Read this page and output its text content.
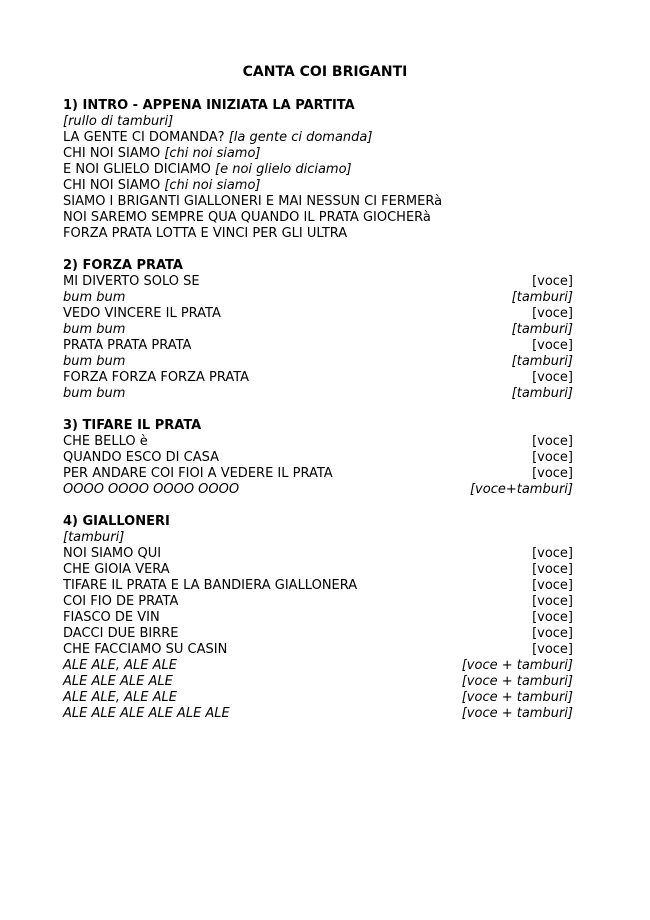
CANTA COI BRIGANTI
1) INTRO - APPENA INIZIATA LA PARTITA
[rullo di tamburi]
LA GENTE CI DOMANDA? [la gente ci domanda]
CHI NOI SIAMO [chi noi siamo]
E NOI GLIELO DICIAMO [e noi glielo diciamo]
CHI NOI SIAMO [chi noi siamo]
SIAMO I BRIGANTI GIALLONERI E MAI NESSUN CI FERMERà
NOI SAREMO SEMPRE QUA QUANDO IL PRATA GIOCHERà
FORZA PRATA LOTTA E VINCI PER GLI ULTRA
2) FORZA PRATA
MI DIVERTO SOLO SE	[voce]
bum bum	[tamburi]
VEDO VINCERE IL PRATA	[voce]
bum bum	[tamburi]
PRATA PRATA PRATA	[voce]
bum bum	[tamburi]
FORZA FORZA FORZA PRATA	[voce]
bum bum	[tamburi]
3) TIFARE IL PRATA
CHE BELLO è	[voce]
QUANDO ESCO DI CASA	[voce]
PER ANDARE COI FIOI A VEDERE IL PRATA	[voce]
OOOO OOOO OOOO OOOO	[voce+tamburi]
4) GIALLONERI
[tamburi]
NOI SIAMO QUI	[voce]
CHE GIOIA VERA	[voce]
TIFARE IL PRATA E LA BANDIERA GIALLONERA	[voce]
COI FIO DE PRATA	[voce]
FIASCO DE VIN	[voce]
DACCI DUE BIRRE	[voce]
CHE FACCIAMO SU CASIN	[voce]
ALE ALE, ALE ALE	[voce + tamburi]
ALE ALE ALE ALE	[voce + tamburi]
ALE ALE, ALE ALE	[voce + tamburi]
ALE ALE ALE ALE ALE ALE	[voce + tamburi]
